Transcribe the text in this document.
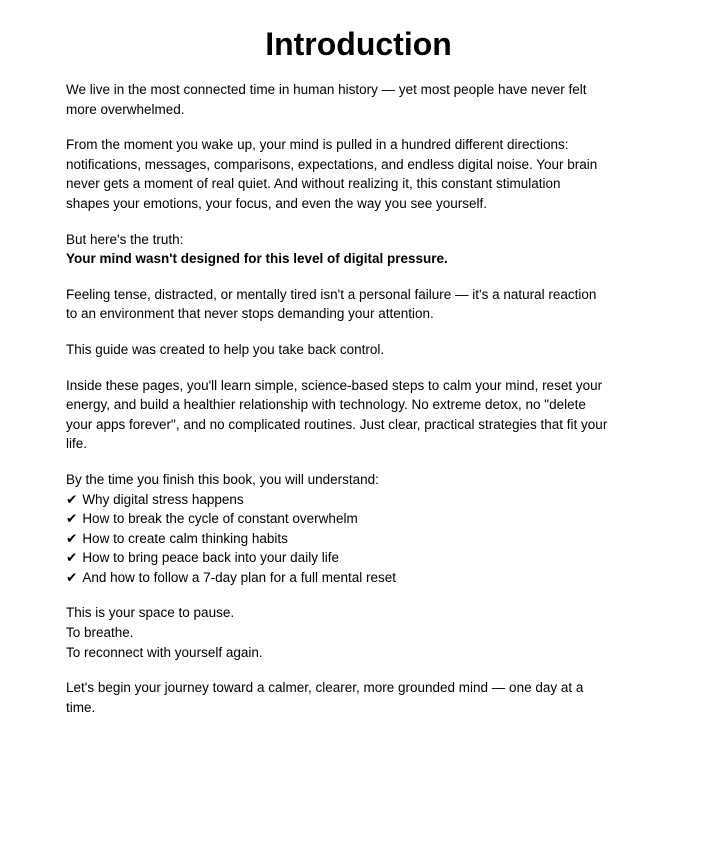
Introduction
We live in the most connected time in human history — yet most people have never felt
more overwhelmed.
From the moment you wake up, your mind is pulled in a hundred different directions:
notifications, messages, comparisons, expectations, and endless digital noise. Your brain
never gets a moment of real quiet. And without realizing it, this constant stimulation
shapes your emotions, your focus, and even the way you see yourself.
But here's the truth:
Your mind wasn't designed for this level of digital pressure.
Feeling tense, distracted, or mentally tired isn't a personal failure — it's a natural reaction
to an environment that never stops demanding your attention.
This guide was created to help you take back control.
Inside these pages, you'll learn simple, science-based steps to calm your mind, reset your
energy, and build a healthier relationship with technology. No extreme detox, no "delete
your apps forever", and no complicated routines. Just clear, practical strategies that fit your
life.
By the time you finish this book, you will understand:
✔ Why digital stress happens
✔ How to break the cycle of constant overwhelm
✔ How to create calm thinking habits
✔ How to bring peace back into your daily life
✔ And how to follow a 7-day plan for a full mental reset
This is your space to pause.
To breathe.
To reconnect with yourself again.
Let's begin your journey toward a calmer, clearer, more grounded mind — one day at a
time.
